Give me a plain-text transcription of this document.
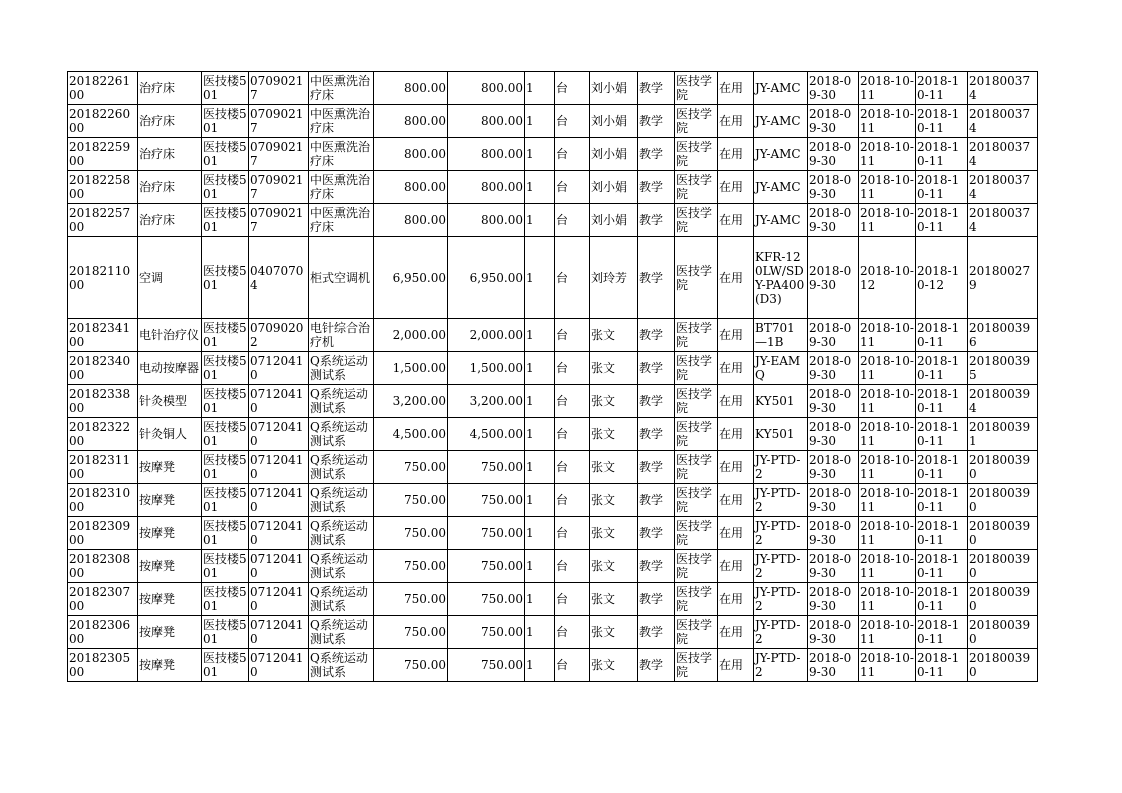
2018226100	治疗床	医技楼501	07090217	中医熏洗治疗床	800.00	800.00	1	台	刘小娟	教学	医技学院	在用	JY-AMC	2018-09-30	2018-10-11	2018-10-11	201800374
2018226000	治疗床	医技楼501	07090217	中医熏洗治疗床	800.00	800.00	1	台	刘小娟	教学	医技学院	在用	JY-AMC	2018-09-30	2018-10-11	2018-10-11	201800374
2018225900	治疗床	医技楼501	07090217	中医熏洗治疗床	800.00	800.00	1	台	刘小娟	教学	医技学院	在用	JY-AMC	2018-09-30	2018-10-11	2018-10-11	201800374
2018225800	治疗床	医技楼501	07090217	中医熏洗治疗床	800.00	800.00	1	台	刘小娟	教学	医技学院	在用	JY-AMC	2018-09-30	2018-10-11	2018-10-11	201800374
2018225700	治疗床	医技楼501	07090217	中医熏洗治疗床	800.00	800.00	1	台	刘小娟	教学	医技学院	在用	JY-AMC	2018-09-30	2018-10-11	2018-10-11	201800374
2018211000	空调	医技楼501	04070704	柜式空调机	6,950.00	6,950.00	1	台	刘玲芳	教学	医技学院	在用	KFR-120LW/SDY-PA400(D3)	2018-09-30	2018-10-12	2018-10-12	201800279
2018234100	电针治疗仪	医技楼501	07090202	电针综合治疗机	2,000.00	2,000.00	1	台	张文	教学	医技学院	在用	BT701—1B	2018-09-30	2018-10-11	2018-10-11	201800396
2018234000	电动按摩器	医技楼501	07120410	Q系统运动测试系	1,500.00	1,500.00	1	台	张文	教学	医技学院	在用	JY-EAMQ	2018-09-30	2018-10-11	2018-10-11	201800395
2018233800	针灸模型	医技楼501	07120410	Q系统运动测试系	3,200.00	3,200.00	1	台	张文	教学	医技学院	在用	KY501	2018-09-30	2018-10-11	2018-10-11	201800394
2018232200	针灸铜人	医技楼501	07120410	Q系统运动测试系	4,500.00	4,500.00	1	台	张文	教学	医技学院	在用	KY501	2018-09-30	2018-10-11	2018-10-11	201800391
2018231100	按摩凳	医技楼501	07120410	Q系统运动测试系	750.00	750.00	1	台	张文	教学	医技学院	在用	JY-PTD-2	2018-09-30	2018-10-11	2018-10-11	201800390
2018231000	按摩凳	医技楼501	07120410	Q系统运动测试系	750.00	750.00	1	台	张文	教学	医技学院	在用	JY-PTD-2	2018-09-30	2018-10-11	2018-10-11	201800390
2018230900	按摩凳	医技楼501	07120410	Q系统运动测试系	750.00	750.00	1	台	张文	教学	医技学院	在用	JY-PTD-2	2018-09-30	2018-10-11	2018-10-11	201800390
2018230800	按摩凳	医技楼501	07120410	Q系统运动测试系	750.00	750.00	1	台	张文	教学	医技学院	在用	JY-PTD-2	2018-09-30	2018-10-11	2018-10-11	201800390
2018230700	按摩凳	医技楼501	07120410	Q系统运动测试系	750.00	750.00	1	台	张文	教学	医技学院	在用	JY-PTD-2	2018-09-30	2018-10-11	2018-10-11	201800390
2018230600	按摩凳	医技楼501	07120410	Q系统运动测试系	750.00	750.00	1	台	张文	教学	医技学院	在用	JY-PTD-2	2018-09-30	2018-10-11	2018-10-11	201800390
2018230500	按摩凳	医技楼501	07120410	Q系统运动测试系	750.00	750.00	1	台	张文	教学	医技学院	在用	JY-PTD-2	2018-09-30	2018-10-11	2018-10-11	201800390
